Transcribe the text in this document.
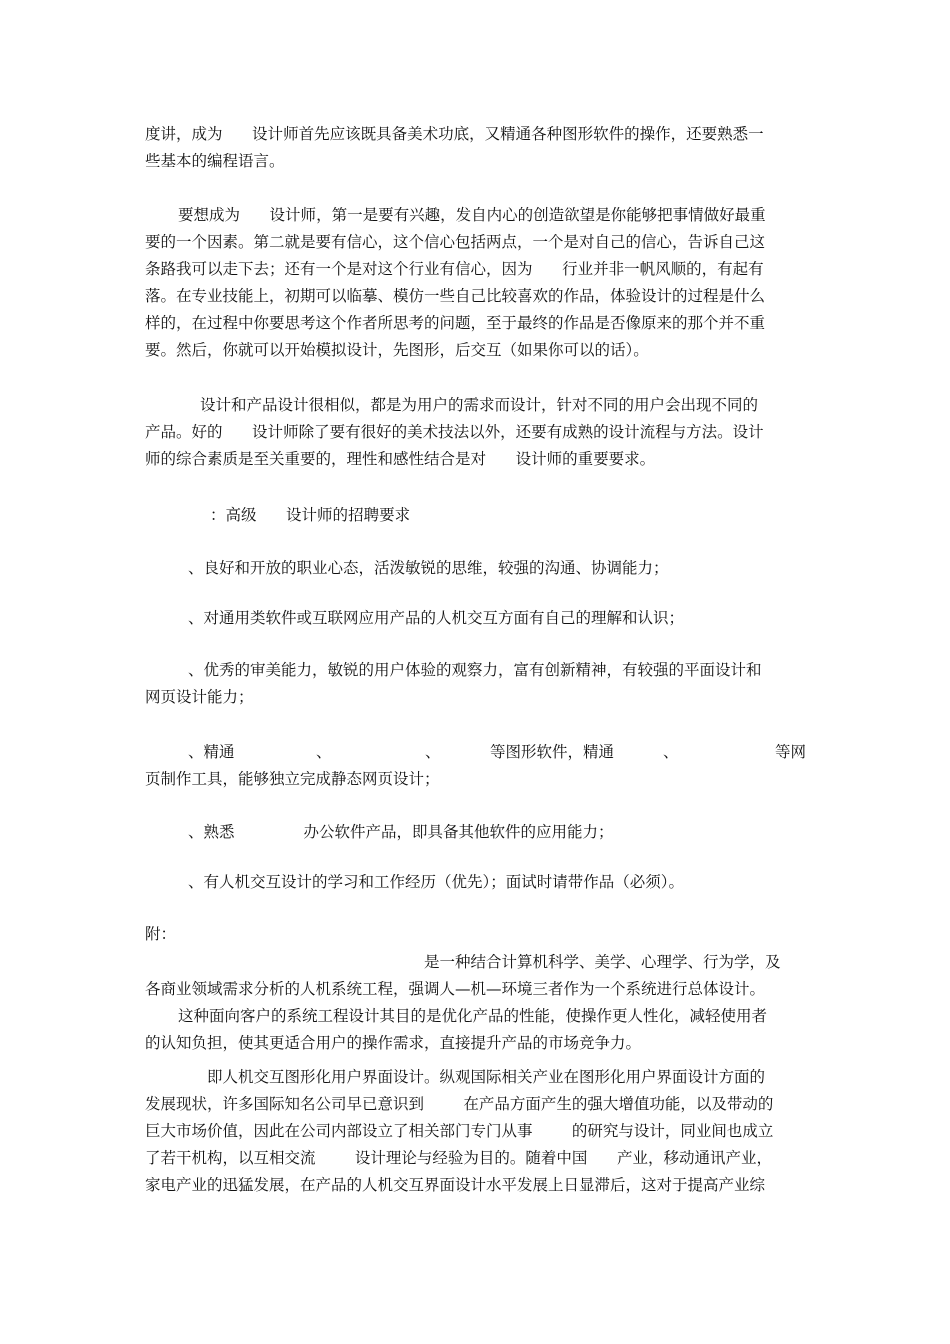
度讲，成为      设计师首先应该既具备美术功底，又精通各种图形软件的操作，还要熟悉一
些基本的编程语言。
要想成为      设计师，第一是要有兴趣，发自内心的创造欲望是你能够把事情做好最重
要的一个因素。第二就是要有信心，这个信心包括两点，一个是对自己的信心，告诉自己这
条路我可以走下去；还有一个是对这个行业有信心，因为      行业并非一帆风顺的，有起有
落。在专业技能上，初期可以临摹、模仿一些自己比较喜欢的作品，体验设计的过程是什么
样的，在过程中你要思考这个作者所思考的问题，至于最终的作品是否像原来的那个并不重
要。然后，你就可以开始模拟设计，先图形，后交互（如果你可以的话）。
设计和产品设计很相似，都是为用户的需求而设计，针对不同的用户会出现不同的
产品。好的      设计师除了要有很好的美术技法以外，还要有成熟的设计流程与方法。设计
师的综合素质是至关重要的，理性和感性结合是对      设计师的重要要求。
：高级      设计师的招聘要求
、良好和开放的职业心态，活泼敏锐的思维，较强的沟通、协调能力；
、对通用类软件或互联网应用产品的人机交互方面有自己的理解和认识；
、优秀的审美能力，敏锐的用户体验的观察力，富有创新精神，有较强的平面设计和
网页设计能力；
、精通	、	、	等图形软件，精通	、	等网
页制作工具，能够独立完成静态网页设计；
、熟悉              办公软件产品，即具备其他软件的应用能力；
、有人机交互设计的学习和工作经历（优先）；面试时请带作品（必须）。
附：
是一种结合计算机科学、美学、心理学、行为学，及
各商业领域需求分析的人机系统工程，强调人—机—环境三者作为一个系统进行总体设计。
这种面向客户的系统工程设计其目的是优化产品的性能，使操作更人性化，减轻使用者
的认知负担，使其更适合用户的操作需求，直接提升产品的市场竞争力。
即人机交互图形化用户界面设计。纵观国际相关产业在图形化用户界面设计方面的
发展现状，许多国际知名公司早已意识到        在产品方面产生的强大增值功能，以及带动的
巨大市场价值，因此在公司内部设立了相关部门专门从事        的研究与设计，同业间也成立
了若干机构，以互相交流        设计理论与经验为目的。随着中国      产业，移动通讯产业，
家电产业的迅猛发展，在产品的人机交互界面设计水平发展上日显滞后，这对于提高产业综
